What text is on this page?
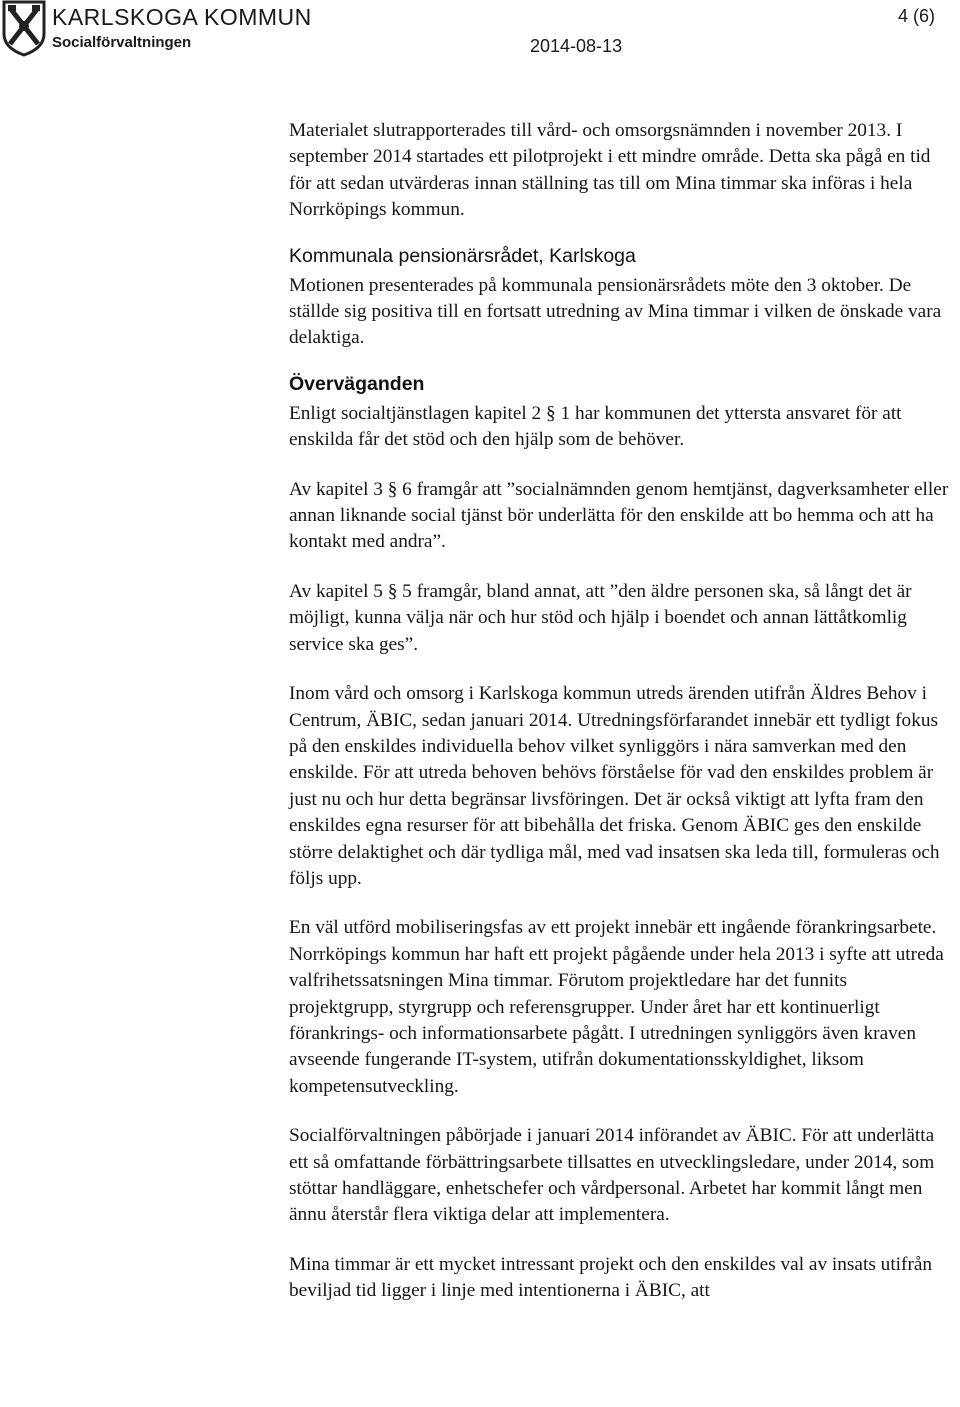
KARLSKOGA KOMMUN
Socialförvaltningen	2014-08-13
4 (6)

Materialet slutrapporterades till vård- och omsorgsnämnden i november 2013. I september 2014 startades ett pilotprojekt i ett mindre område. Detta ska pågå en tid för att sedan utvärderas innan ställning tas till om Mina timmar ska införas i hela Norrköpings kommun.

Kommunala pensionärsrådet, Karlskoga

Motionen presenterades på kommunala pensionärsrådets möte den 3 oktober. De ställde sig positiva till en fortsatt utredning av Mina timmar i vilken de önskade vara delaktiga.

Överväganden

Enligt socialtjänstlagen kapitel 2 § 1 har kommunen det yttersta ansvaret för att enskilda får det stöd och den hjälp som de behöver.

Av kapitel 3 § 6 framgår att ”socialnämnden genom hemtjänst, dagverksamheter eller annan liknande social tjänst bör underlätta för den enskilde att bo hemma och att ha kontakt med andra”.

Av kapitel 5 § 5 framgår, bland annat, att ”den äldre personen ska, så långt det är möjligt, kunna välja när och hur stöd och hjälp i boendet och annan lättåtkomlig service ska ges”.

Inom vård och omsorg i Karlskoga kommun utreds ärenden utifrån Äldres Behov i Centrum, ÄBIC, sedan januari 2014. Utredningsförfarandet innebär ett tydligt fokus på den enskildes individuella behov vilket synliggörs i nära samverkan med den enskilde. För att utreda behoven behövs förståelse för vad den enskildes problem är just nu och hur detta begränsar livsföringen. Det är också viktigt att lyfta fram den enskildes egna resurser för att bibehålla det friska. Genom ÄBIC ges den enskilde större delaktighet och där tydliga mål, med vad insatsen ska leda till, formuleras och följs upp.

En väl utförd mobiliseringsfas av ett projekt innebär ett ingående förankringsarbete. Norrköpings kommun har haft ett projekt pågående under hela 2013 i syfte att utreda valfrihetssatsningen Mina timmar. Förutom projektledare har det funnits projektgrupp, styrgrupp och referensgrupper. Under året har ett kontinuerligt förankrings- och informationsarbete pågått. I utredningen synliggörs även kraven avseende fungerande IT-system, utifrån dokumentationsskyldighet, liksom kompetensutveckling.

Socialförvaltningen påbörjade i januari 2014 införandet av ÄBIC. För att underlätta ett så omfattande förbättringsarbete tillsattes en utvecklingsledare, under 2014, som stöttar handläggare, enhetschefer och vårdpersonal. Arbetet har kommit långt men ännu återstår flera viktiga delar att implementera.

Mina timmar är ett mycket intressant projekt och den enskildes val av insats utifrån beviljad tid ligger i linje med intentionerna i ÄBIC, att
